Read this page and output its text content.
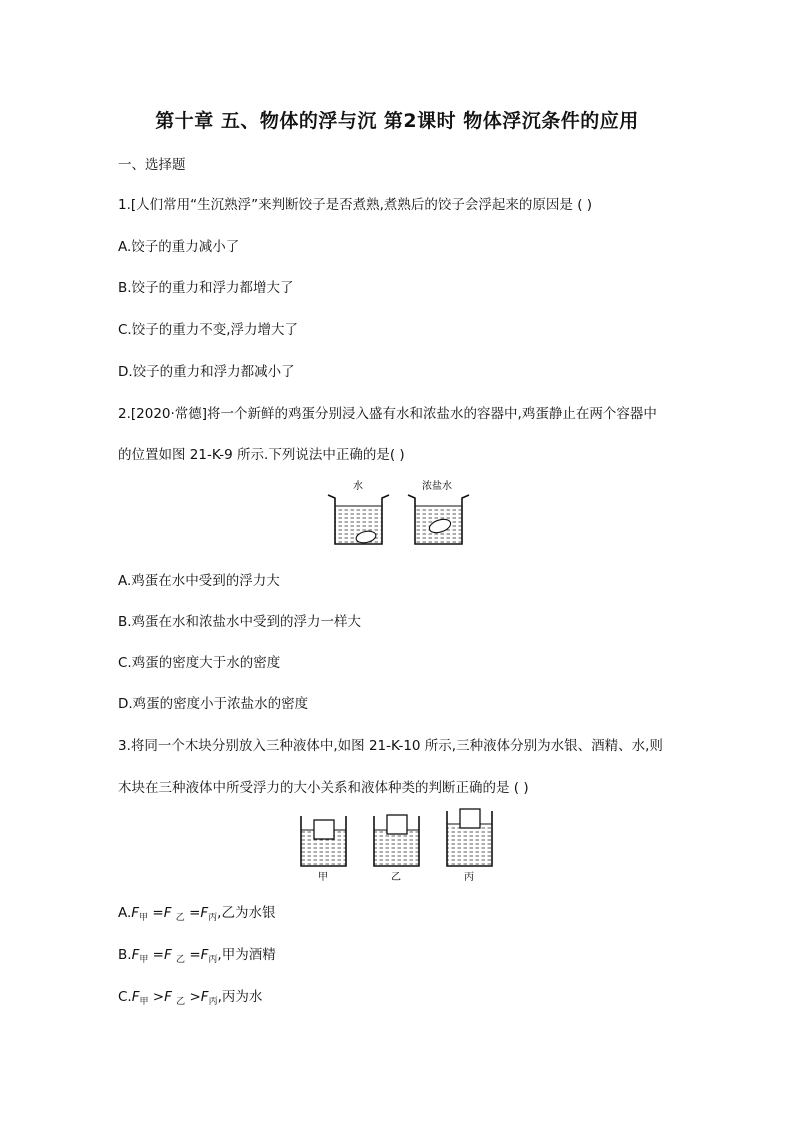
第十章 五、物体的浮与沉 第2课时 物体浮沉条件的应用
一、选择题
1.[人们常用“生沉熟浮”来判断饺子是否煮熟,煮熟后的饺子会浮起来的原因是 ( )
A.饺子的重力减小了
B.饺子的重力和浮力都增大了
C.饺子的重力不变,浮力增大了
D.饺子的重力和浮力都减小了
2.[2020·常德]将一个新鲜的鸡蛋分别浸入盛有水和浓盐水的容器中,鸡蛋静止在两个容器中
的位置如图 21-K-9 所示.下列说法中正确的是( )
水	浓盐水
A.鸡蛋在水中受到的浮力大
B.鸡蛋在水和浓盐水中受到的浮力一样大
C.鸡蛋的密度大于水的密度
D.鸡蛋的密度小于浓盐水的密度
3.将同一个木块分别放入三种液体中,如图 21-K-10 所示,三种液体分别为水银、酒精、水,则
木块在三种液体中所受浮力的大小关系和液体种类的判断正确的是 ( )
甲	乙	丙
$A.F_甲 =F$ $_乙 =F_丙$,乙为水银
$B.F_甲 =F$ $_乙 =F_丙$,甲为酒精
$C.F_甲 >F$ $_乙 >F_丙$,丙为水
